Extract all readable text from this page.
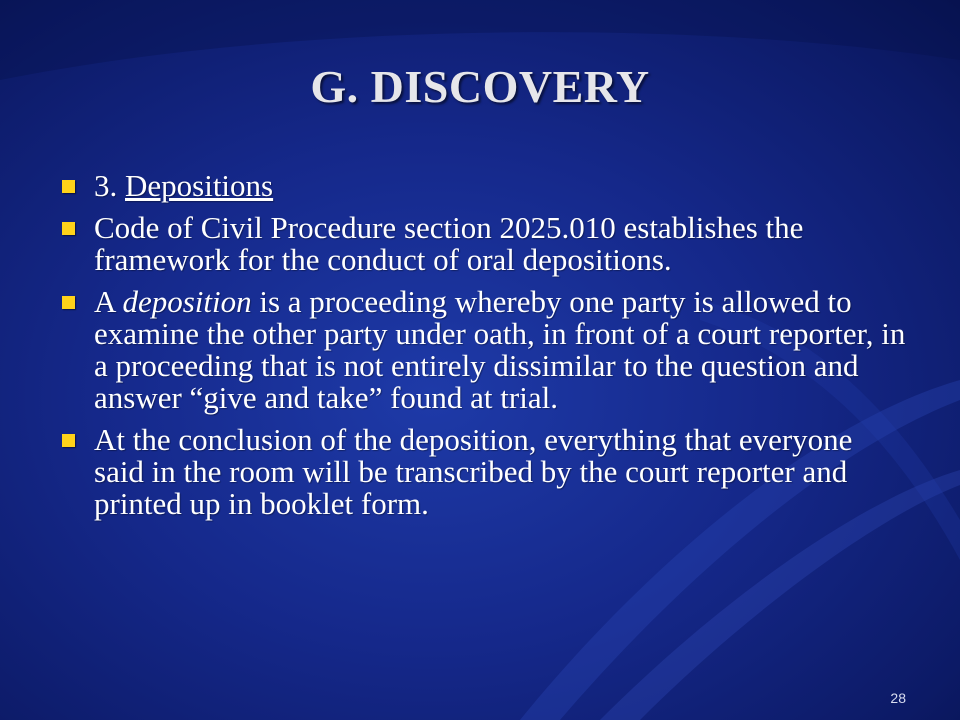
G. DISCOVERY
3. Depositions
Code of Civil Procedure section 2025.010 establishes the framework for the conduct of oral depositions.
A deposition is a proceeding whereby one party is allowed to examine the other party under oath, in front of a court reporter, in a proceeding that is not entirely dissimilar to the question and answer “give and take” found at trial.
At the conclusion of the deposition, everything that everyone said in the room will be transcribed by the court reporter and printed up in booklet form.
28
